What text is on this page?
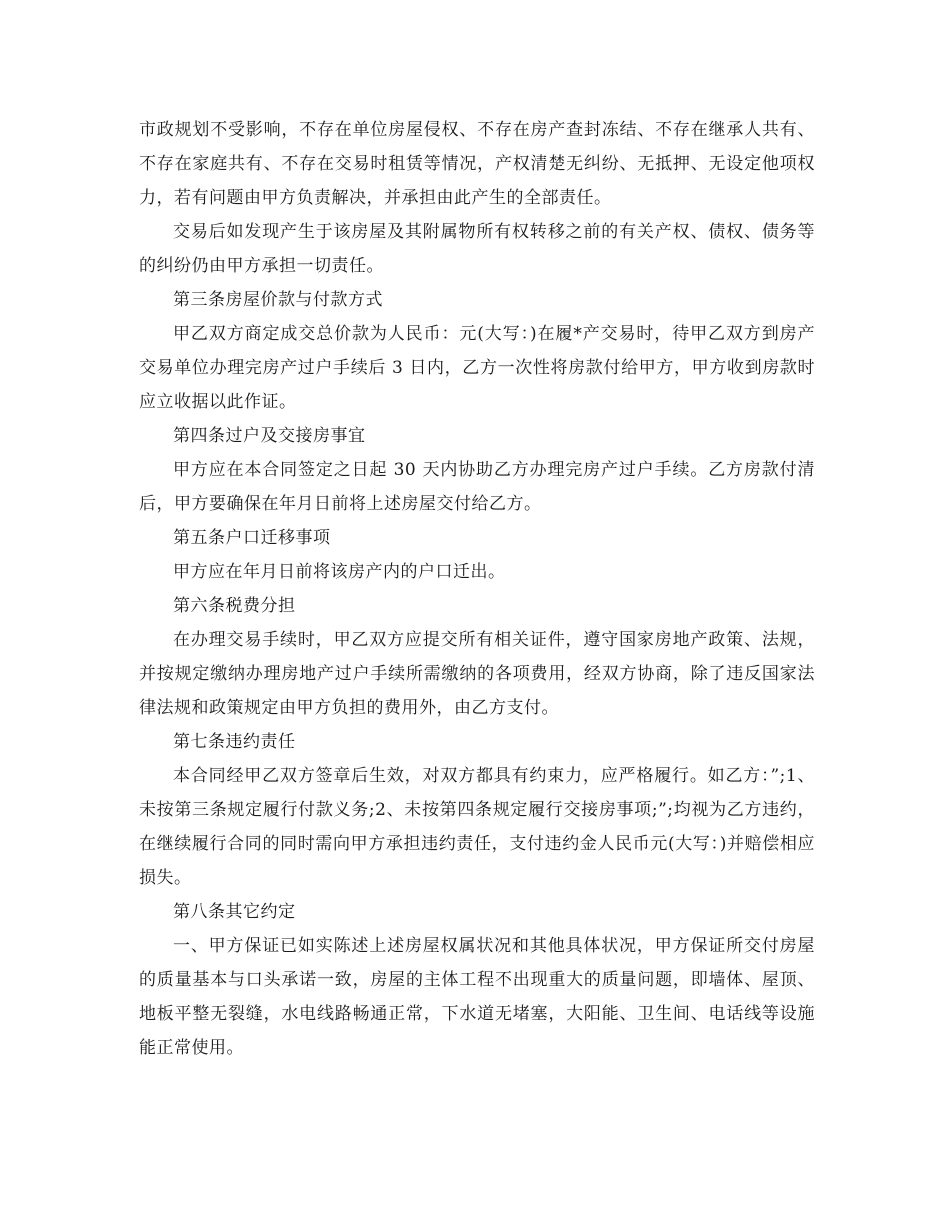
市政规划不受影响，不存在单位房屋侵权、不存在房产查封冻结、不存在继承人共有、不存在家庭共有、不存在交易时租赁等情况，产权清楚无纠纷、无抵押、无设定他项权力，若有问题由甲方负责解决，并承担由此产生的全部责任。

交易后如发现产生于该房屋及其附属物所有权转移之前的有关产权、债权、债务等的纠纷仍由甲方承担一切责任。

第三条房屋价款与付款方式

甲乙双方商定成交总价款为人民币：元(大写：)在履*产交易时，待甲乙双方到房产交易单位办理完房产过户手续后 3 日内，乙方一次性将房款付给甲方，甲方收到房款时应立收据以此作证。

第四条过户及交接房事宜

甲方应在本合同签定之日起 30 天内协助乙方办理完房产过户手续。乙方房款付清后，甲方要确保在年月日前将上述房屋交付给乙方。

第五条户口迁移事项

甲方应在年月日前将该房产内的户口迁出。

第六条税费分担

在办理交易手续时，甲乙双方应提交所有相关证件，遵守国家房地产政策、法规，并按规定缴纳办理房地产过户手续所需缴纳的各项费用，经双方协商，除了违反国家法律法规和政策规定由甲方负担的费用外，由乙方支付。

第七条违约责任

本合同经甲乙双方签章后生效，对双方都具有约束力，应严格履行。如乙方：”;1、未按第三条规定履行付款义务;2、未按第四条规定履行交接房事项;”;均视为乙方违约，在继续履行合同的同时需向甲方承担违约责任，支付违约金人民币元(大写：)并赔偿相应损失。

第八条其它约定

一、甲方保证已如实陈述上述房屋权属状况和其他具体状况，甲方保证所交付房屋的质量基本与口头承诺一致，房屋的主体工程不出现重大的质量问题，即墙体、屋顶、地板平整无裂缝，水电线路畅通正常，下水道无堵塞，大阳能、卫生间、电话线等设施能正常使用。
